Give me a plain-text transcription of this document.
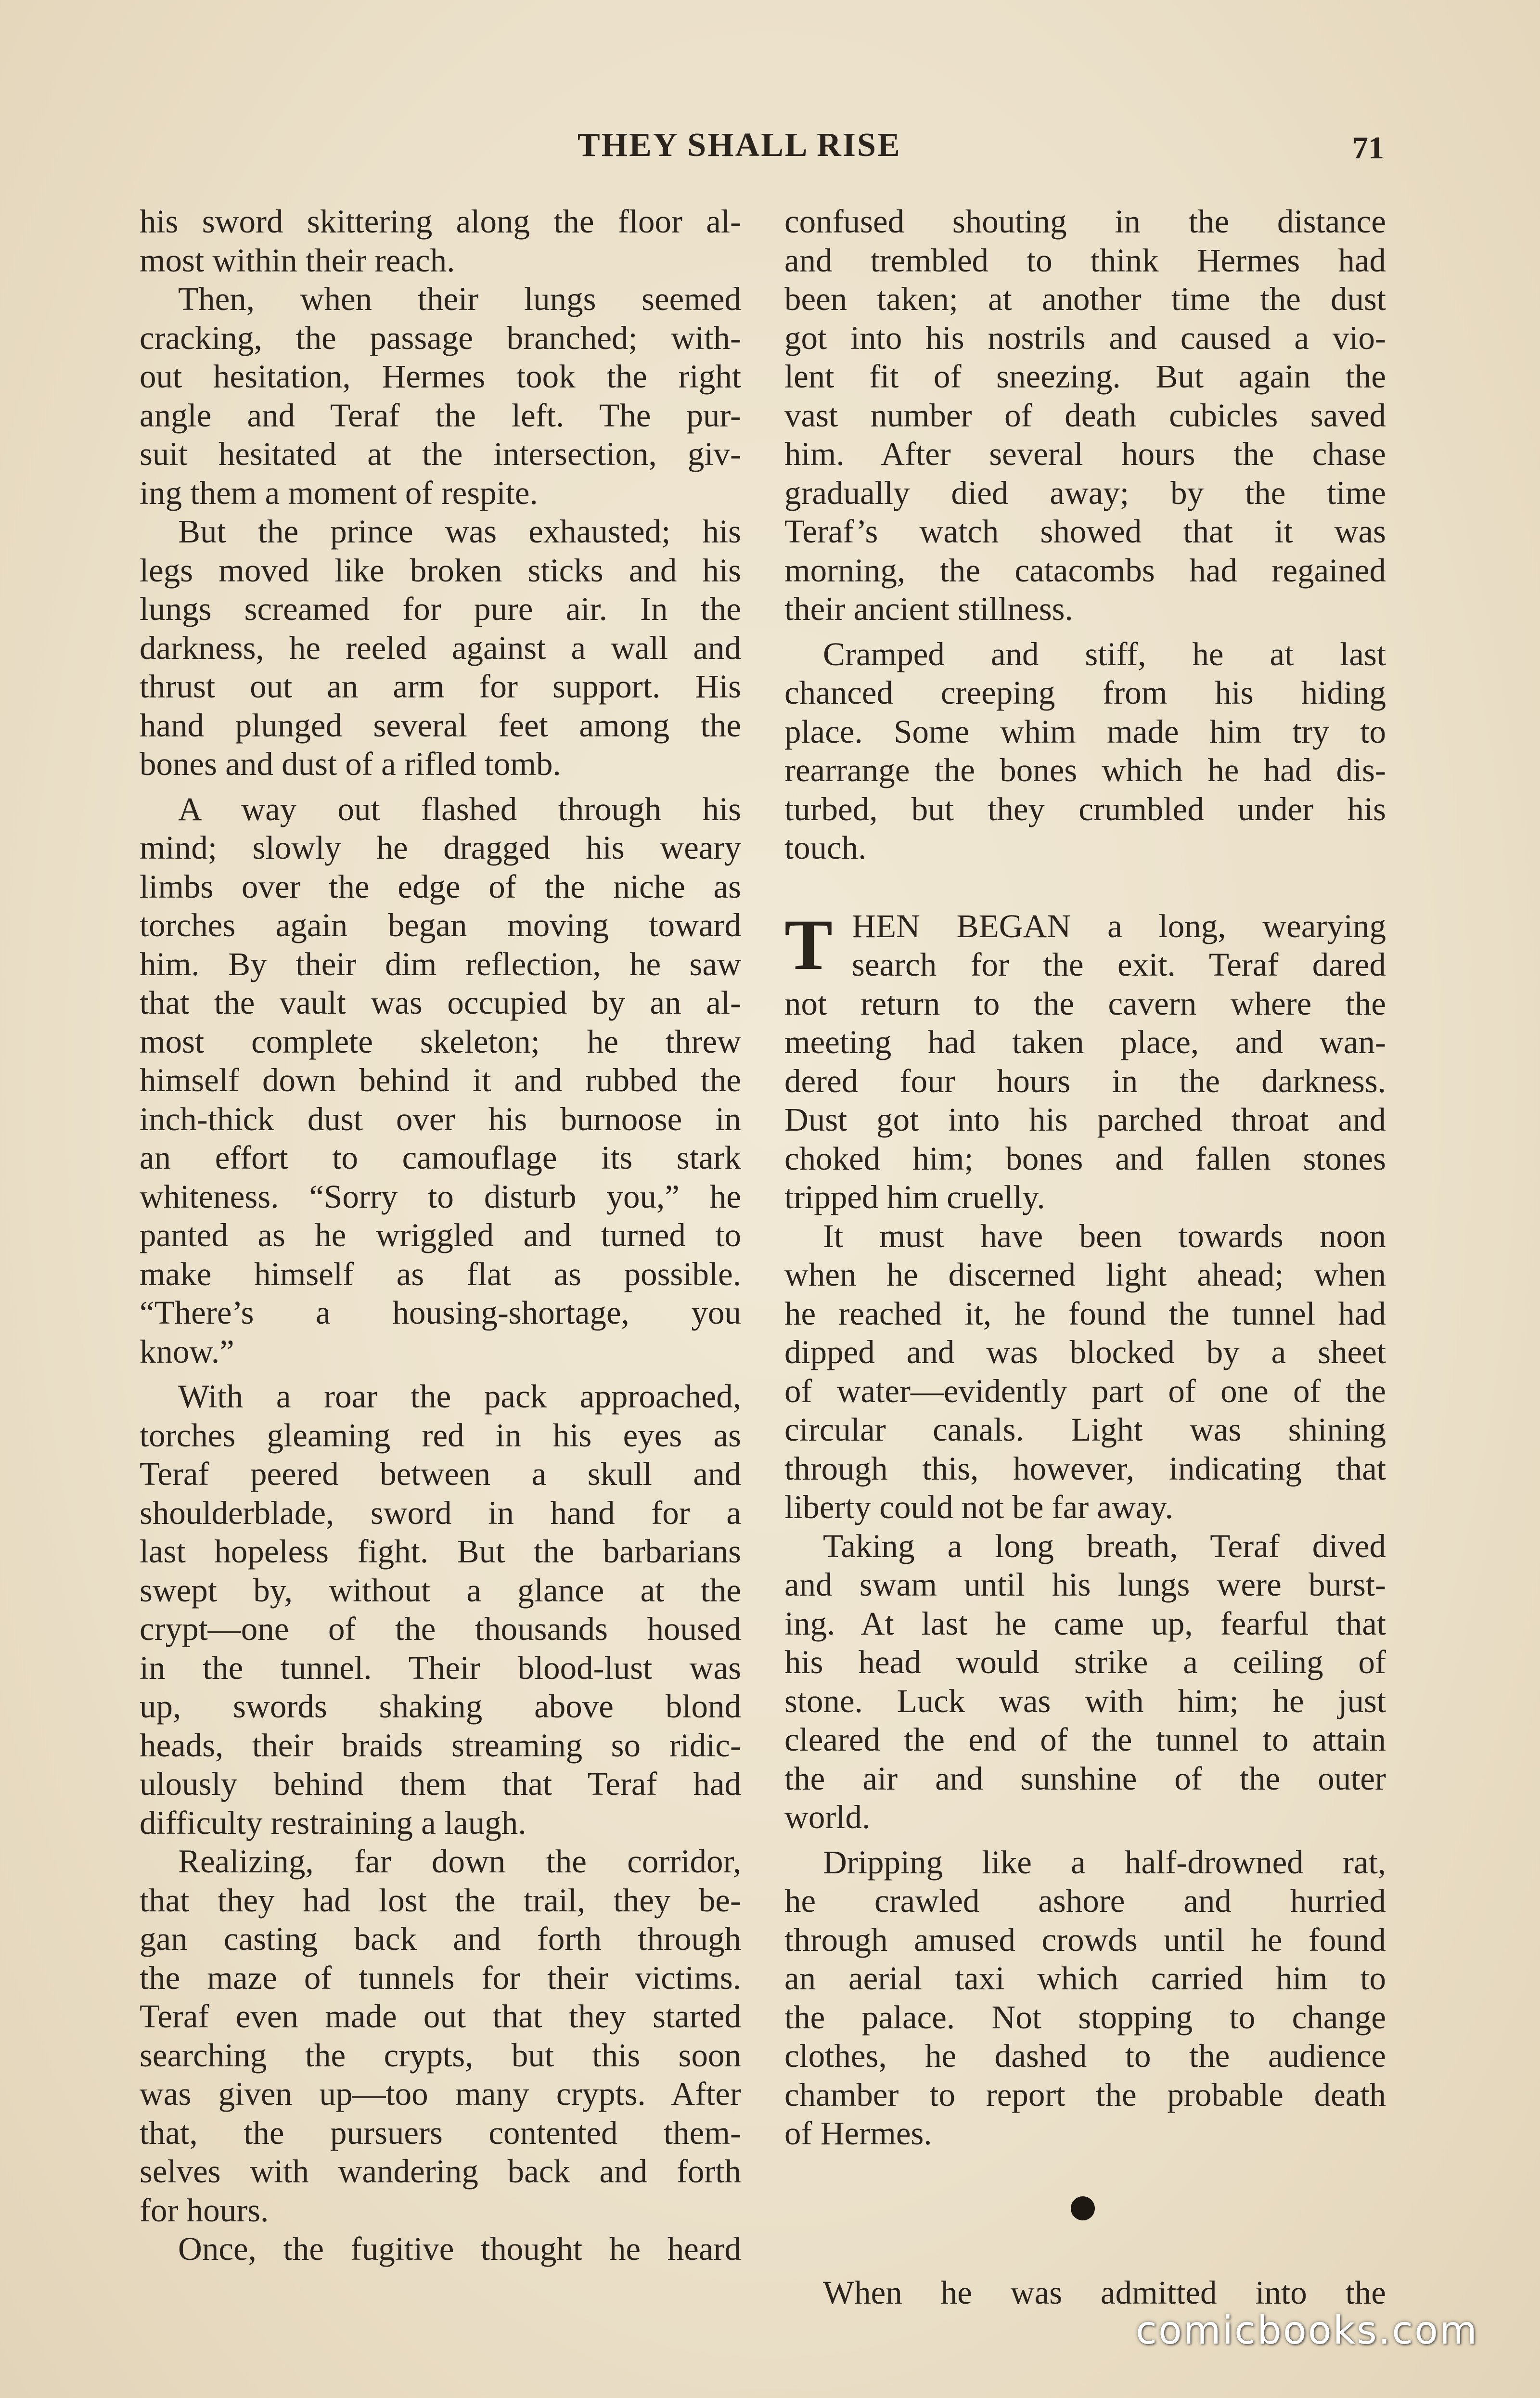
THEY SHALL RISE	71

his sword skittering along the floor al-

most within their reach.

Then, when their lungs seemed

cracking, the passage branched; with-

out hesitation, Hermes took the right

angle and Teraf the left. The pur-

suit hesitated at the intersection, giv-

ing them a moment of respite.

But the prince was exhausted; his

legs moved like broken sticks and his

lungs screamed for pure air. In the

darkness, he reeled against a wall and

thrust out an arm for support. His

hand plunged several feet among the

bones and dust of a rifled tomb.

A way out flashed through his

mind; slowly he dragged his weary

limbs over the edge of the niche as

torches again began moving toward

him. By their dim reflection, he saw

that the vault was occupied by an al-

most complete skeleton; he threw

himself down behind it and rubbed the

inch-thick dust over his burnoose in

an effort to camouflage its stark

whiteness. “Sorry to disturb you,” he

panted as he wriggled and turned to

make himself as flat as possible.

“There’s a housing-shortage, you

know.”

With a roar the pack approached,

torches gleaming red in his eyes as

Teraf peered between a skull and

shoulderblade, sword in hand for a

last hopeless fight. But the barbarians

swept by, without a glance at the

crypt—one of the thousands housed

in the tunnel. Their blood-lust was

up, swords shaking above blond

heads, their braids streaming so ridic-

ulously behind them that Teraf had

difficulty restraining a laugh.

Realizing, far down the corridor,

that they had lost the trail, they be-

gan casting back and forth through

the maze of tunnels for their victims.

Teraf even made out that they started

searching the crypts, but this soon

was given up—too many crypts. After

that, the pursuers contented them-

selves with wandering back and forth

for hours.

Once, the fugitive thought he heard

confused shouting in the distance

and trembled to think Hermes had

been taken; at another time the dust

got into his nostrils and caused a vio-

lent fit of sneezing. But again the

vast number of death cubicles saved

him. After several hours the chase

gradually died away; by the time

Teraf’s watch showed that it was

morning, the catacombs had regained

their ancient stillness.

Cramped and stiff, he at last

chanced creeping from his hiding

place. Some whim made him try to

rearrange the bones which he had dis-

turbed, but they crumbled under his

touch.

T HEN BEGAN a long, wearying

search for the exit. Teraf dared

not return to the cavern where the

meeting had taken place, and wan-

dered four hours in the darkness.

Dust got into his parched throat and

choked him; bones and fallen stones

tripped him cruelly.

It must have been towards noon

when he discerned light ahead; when

he reached it, he found the tunnel had

dipped and was blocked by a sheet

of water—evidently part of one of the

circular canals. Light was shining

through this, however, indicating that

liberty could not be far away.

Taking a long breath, Teraf dived

and swam until his lungs were burst-

ing. At last he came up, fearful that

his head would strike a ceiling of

stone. Luck was with him; he just

cleared the end of the tunnel to attain

the air and sunshine of the outer

world.

Dripping like a half-drowned rat,

he crawled ashore and hurried

through amused crowds until he found

an aerial taxi which carried him to

the palace. Not stopping to change

clothes, he dashed to the audience

chamber to report the probable death

of Hermes.

When he was admitted into the

comicbooks.com
